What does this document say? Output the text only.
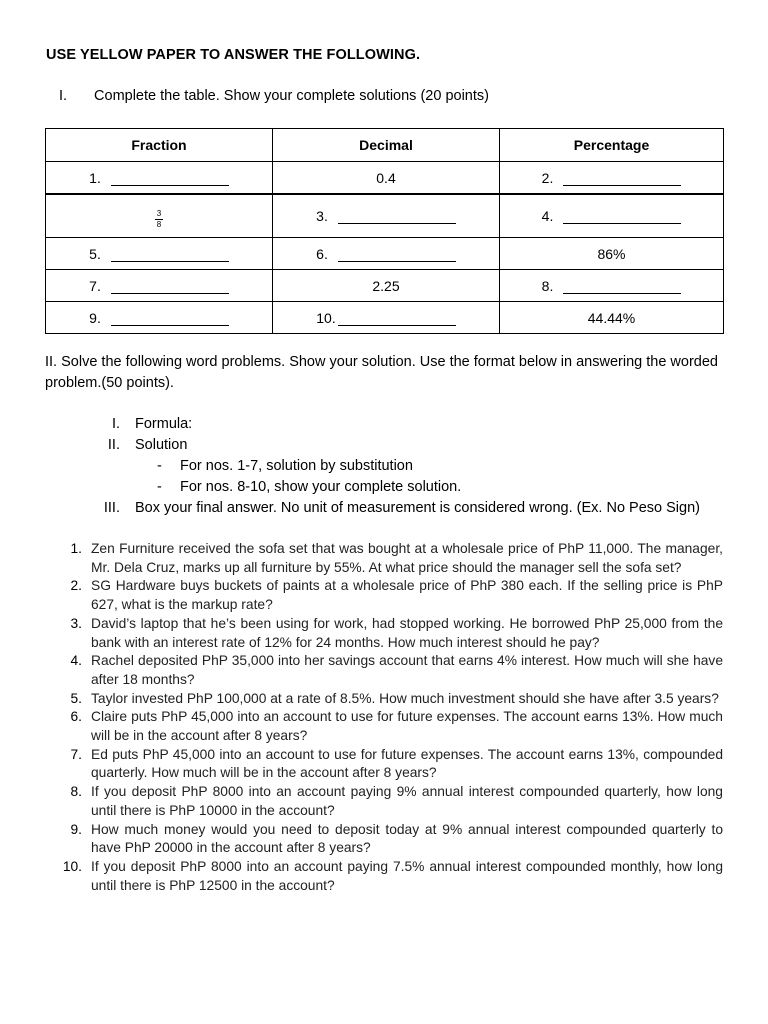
USE YELLOW PAPER TO ANSWER THE FOLLOWING.
I. Complete the table. Show your complete solutions (20 points)
Fraction	Decimal	Percentage
1.	0.4	2.

$\frac{3}{8}$	3.	4.
5.	6.	86%
7.	2.25	8.
9.	10.	44.44%
II. Solve the following word problems. Show your solution. Use the format below in answering the worded problem.(50 points).
I. Formula:
II. Solution
- For nos. 1-7, solution by substitution
- For nos. 8-10, show your complete solution.
III. Box your final answer. No unit of measurement is considered wrong. (Ex. No Peso Sign)
1. Zen Furniture received the sofa set that was bought at a wholesale price of PhP 11,000. The manager, Mr. Dela Cruz, marks up all furniture by 55%. At what price should the manager sell the sofa set?
2. SG Hardware buys buckets of paints at a wholesale price of PhP 380 each. If the selling price is PhP 627, what is the markup rate?
3. David’s laptop that he’s been using for work, had stopped working. He borrowed PhP 25,000 from the bank with an interest rate of 12% for 24 months. How much interest should he pay?
4. Rachel deposited PhP 35,000 into her savings account that earns 4% interest. How much will she have after 18 months?
5. Taylor invested PhP 100,000 at a rate of 8.5%. How much investment should she have after 3.5 years?
6. Claire puts PhP 45,000 into an account to use for future expenses. The account earns 13%. How much will be in the account after 8 years?
7. Ed puts PhP 45,000 into an account to use for future expenses. The account earns 13%, compounded quarterly. How much will be in the account after 8 years?
8. If you deposit PhP 8000 into an account paying 9% annual interest compounded quarterly, how long until there is PhP 10000 in the account?
9. How much money would you need to deposit today at 9% annual interest compounded quarterly to have PhP 20000 in the account after 8 years?
10. If you deposit PhP 8000 into an account paying 7.5% annual interest compounded monthly, how long until there is PhP 12500 in the account?
